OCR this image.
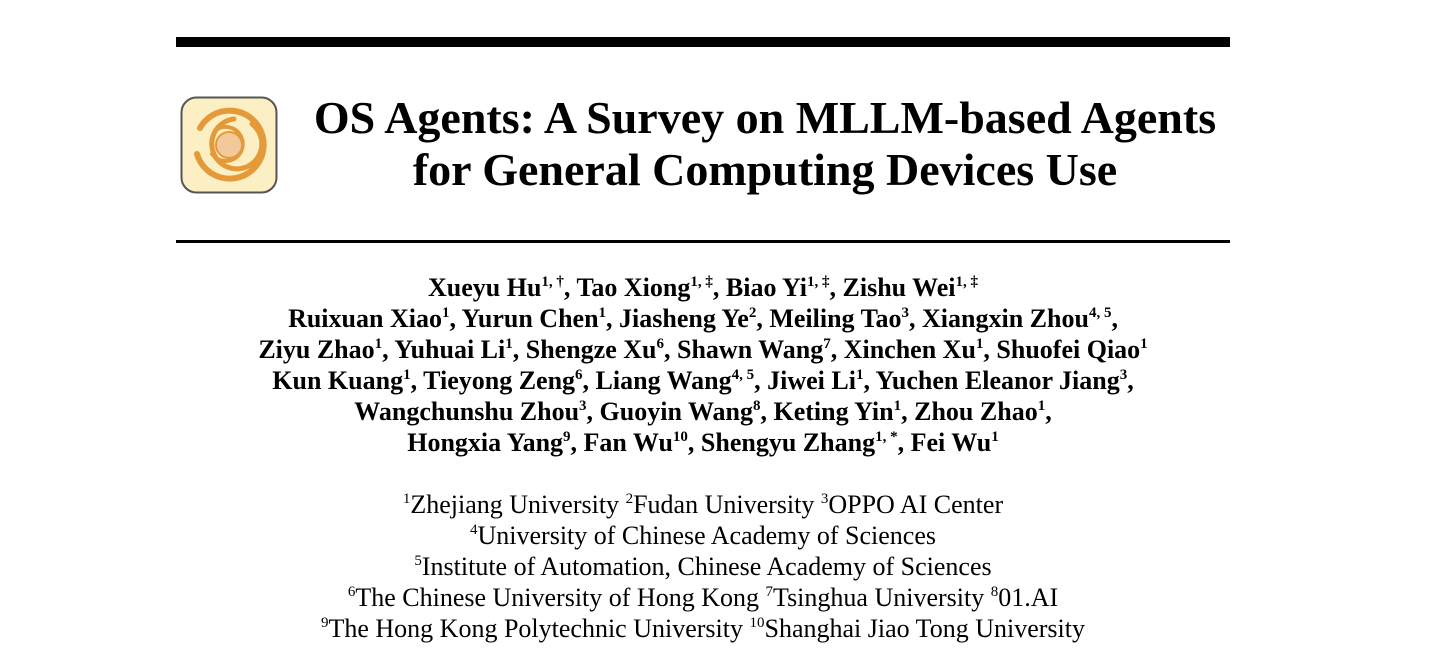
OS Agents: A Survey on MLLM-based Agents
for General Computing Devices Use
Xueyu $Hu^{1, \dagger}$, Tao Xiong$^{1, \ddagger}$, Biao $Yi^{1, \ddagger}$, Zishu Wei$^{1, \ddagger}$
Ruixuan Xiao$^1$, Yurun Chen$^1$, Jiasheng Ye$^2$, Meiling Tao$^3$, Xiangxin Zhou$^{4, 5}$,
Ziyu Zhao$^1$, Yuhuai Li$^1$, Shengze Xu$^6$, Shawn Wang$^7$, Xinchen Xu$^1$, Shuofei Qiao$^1$
Kun Kuang$^1$, Tieyong Zeng$^6$, Liang Wang$^{4, 5}$, Jiwei Li$^1$, Yuchen Eleanor Jiang$^3$,
Wangchunshu Zhou$^3$, Guoyin Wang$^8$, Keting Yin$^1$, Zhou Zhao$^1$,
Hongxia Yang$^9$, Fan Wu$^{10}$, Shengyu Zhang$^{1, *}$, Fei Wu$^1$
$^1$Zhejiang University $^2$Fudan University $^3$OPPO AI Center
$^4$University of Chinese Academy of Sciences
$^5$Institute of Automation, Chinese Academy of Sciences
$^6$The Chinese University of Hong Kong $^7$Tsinghua University $^8$01.AI
$^9$The Hong Kong Polytechnic University $^{10}$Shanghai Jiao Tong University
